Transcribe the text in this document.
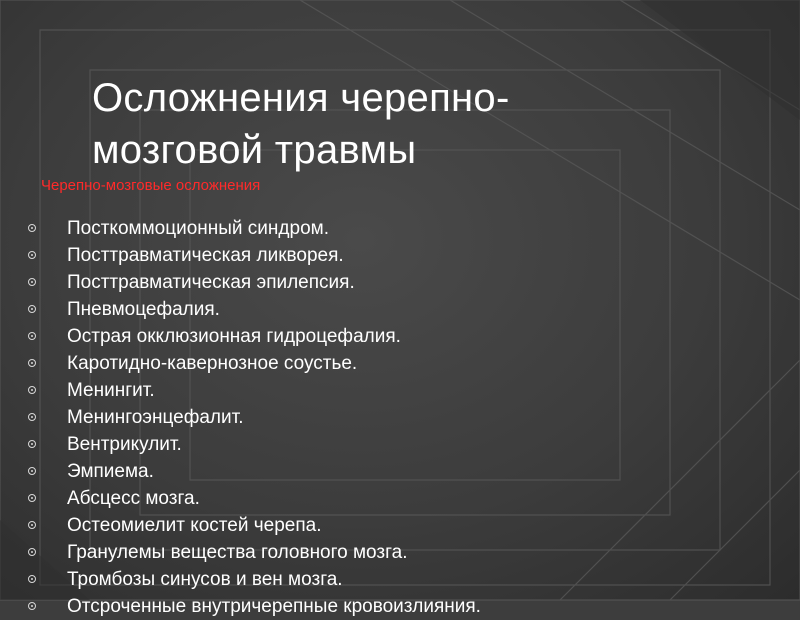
Осложнения черепно-мозговой травмы
Черепно-мозговые осложнения
Посткоммоционный синдром.
Посттравматическая ликворея.
Посттравматическая эпилепсия.
Пневмоцефалия.
Острая окклюзионная гидроцефалия.
Каротидно-кавернозное соустье.
Менингит.
Менингоэнцефалит.
Вентрикулит.
Эмпиема.
Абсцесс мозга.
Остеомиелит костей черепа.
Гранулемы вещества головного мозга.
Тромбозы синусов и вен мозга.
Отсроченные внутричерепные кровоизлияния.
